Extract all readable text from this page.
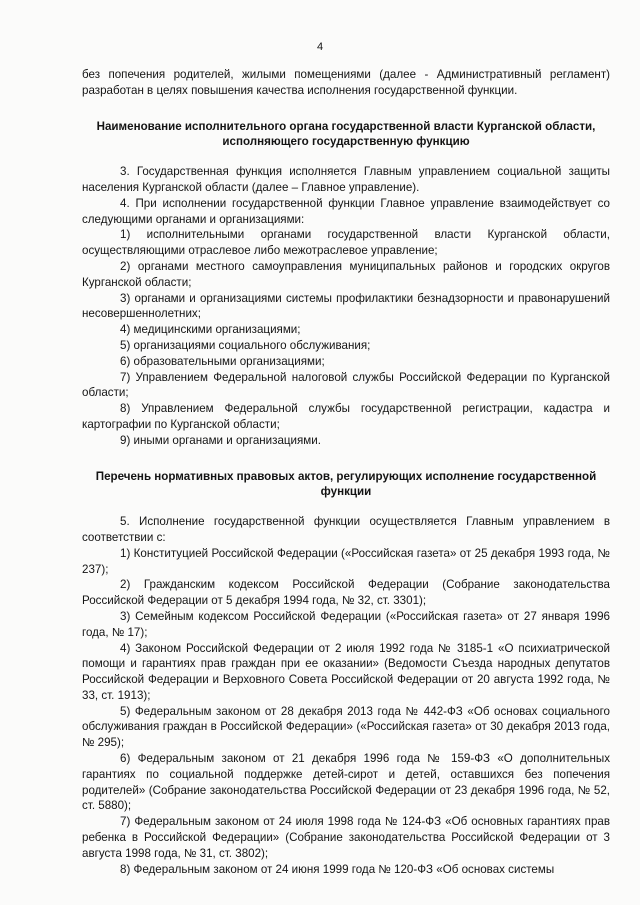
4

без попечения родителей, жилыми помещениями (далее - Административный регламент) разработан в целях повышения качества исполнения государственной функции.

Наименование исполнительного органа государственной власти Курганской области, исполняющего государственную функцию

3. Государственная функция исполняется Главным управлением социальной защиты населения Курганской области (далее – Главное управление).

4. При исполнении государственной функции Главное управление взаимодействует со следующими органами и организациями:

1) исполнительными органами государственной власти Курганской области, осуществляющими отраслевое либо межотраслевое управление;

2) органами местного самоуправления муниципальных районов и городских округов Курганской области;

3) органами и организациями системы профилактики безнадзорности и правонарушений несовершеннолетних;

4) медицинскими организациями;

5) организациями социального обслуживания;

6) образовательными организациями;

7) Управлением Федеральной налоговой службы Российской Федерации по Курганской области;

8) Управлением Федеральной службы государственной регистрации, кадастра и картографии по Курганской области;

9) иными органами и организациями.

Перечень нормативных правовых актов, регулирующих исполнение государственной функции

5. Исполнение государственной функции осуществляется Главным управлением в соответствии с:

1) Конституцией Российской Федерации («Российская газета» от 25 декабря 1993 года, № 237);

2) Гражданским кодексом Российской Федерации (Собрание законодательства Российской Федерации от 5 декабря 1994 года, № 32, ст. 3301);

3) Семейным кодексом Российской Федерации («Российская газета» от 27 января 1996 года, № 17);

4) Законом Российской Федерации от 2 июля 1992 года № 3185-1 «О психиатрической помощи и гарантиях прав граждан при ее оказании» (Ведомости Съезда народных депутатов Российской Федерации и Верховного Совета Российской Федерации от 20 августа 1992 года, № 33, ст. 1913);

5) Федеральным законом от 28 декабря 2013 года № 442-ФЗ «Об основах социального обслуживания граждан в Российской Федерации» («Российская газета» от 30 декабря 2013 года, № 295);

6) Федеральным законом от 21 декабря 1996 года № 159-ФЗ «О дополнительных гарантиях по социальной поддержке детей-сирот и детей, оставшихся без попечения родителей» (Собрание законодательства Российской Федерации от 23 декабря 1996 года, № 52, ст. 5880);

7) Федеральным законом от 24 июля 1998 года № 124-ФЗ «Об основных гарантиях прав ребенка в Российской Федерации» (Собрание законодательства Российской Федерации от 3 августа 1998 года, № 31, ст. 3802);

8) Федеральным законом от 24 июня 1999 года № 120-ФЗ «Об основах системы
